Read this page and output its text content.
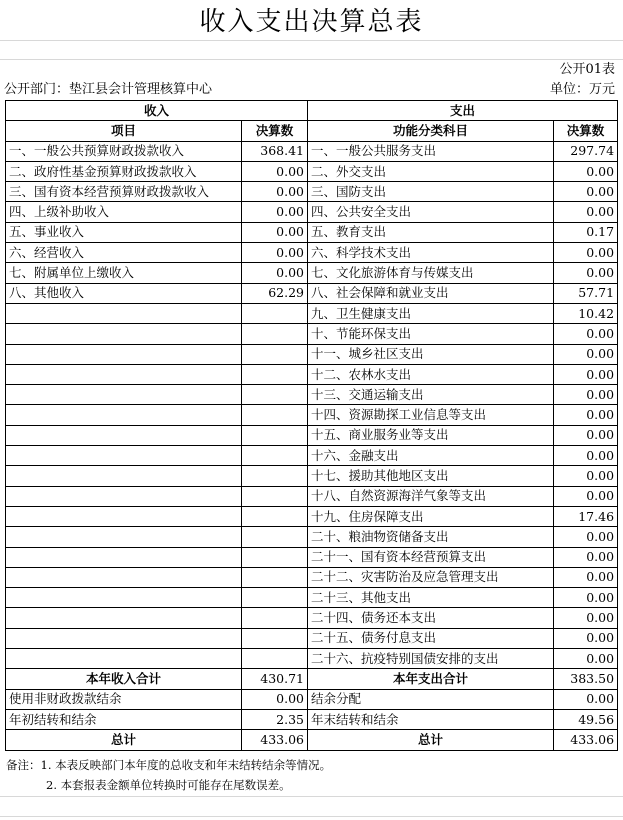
收入支出决算总表
公开01表
公开部门：垫江县会计管理核算中心	单位：万元
收入		支出	
项目	决算数	功能分类科目	决算数
一、一般公共预算财政拨款收入	368.41	一、一般公共服务支出	297.74
二、政府性基金预算财政拨款收入	0.00	二、外交支出	0.00
三、国有资本经营预算财政拨款收入	0.00	三、国防支出	0.00
四、上级补助收入	0.00	四、公共安全支出	0.00
五、事业收入	0.00	五、教育支出	0.17
六、经营收入	0.00	六、科学技术支出	0.00
七、附属单位上缴收入	0.00	七、文化旅游体育与传媒支出	0.00
八、其他收入	62.29	八、社会保障和就业支出	57.71
		九、卫生健康支出	10.42
		十、节能环保支出	0.00
		十一、城乡社区支出	0.00
		十二、农林水支出	0.00
		十三、交通运输支出	0.00
		十四、资源勘探工业信息等支出	0.00
		十五、商业服务业等支出	0.00
		十六、金融支出	0.00
		十七、援助其他地区支出	0.00
		十八、自然资源海洋气象等支出	0.00
		十九、住房保障支出	17.46
		二十、粮油物资储备支出	0.00
		二十一、国有资本经营预算支出	0.00
		二十二、灾害防治及应急管理支出	0.00
		二十三、其他支出	0.00
		二十四、债务还本支出	0.00
		二十五、债务付息支出	0.00
		二十六、抗疫特别国债安排的支出	0.00
本年收入合计	430.71	本年支出合计	383.50
使用非财政拨款结余	0.00	结余分配	0.00
年初结转和结余	2.35	年末结转和结余	49.56
总计	433.06	总计	433.06
备注：1. 本表反映部门本年度的总收支和年末结转结余等情况。
2. 本套报表金额单位转换时可能存在尾数误差。
